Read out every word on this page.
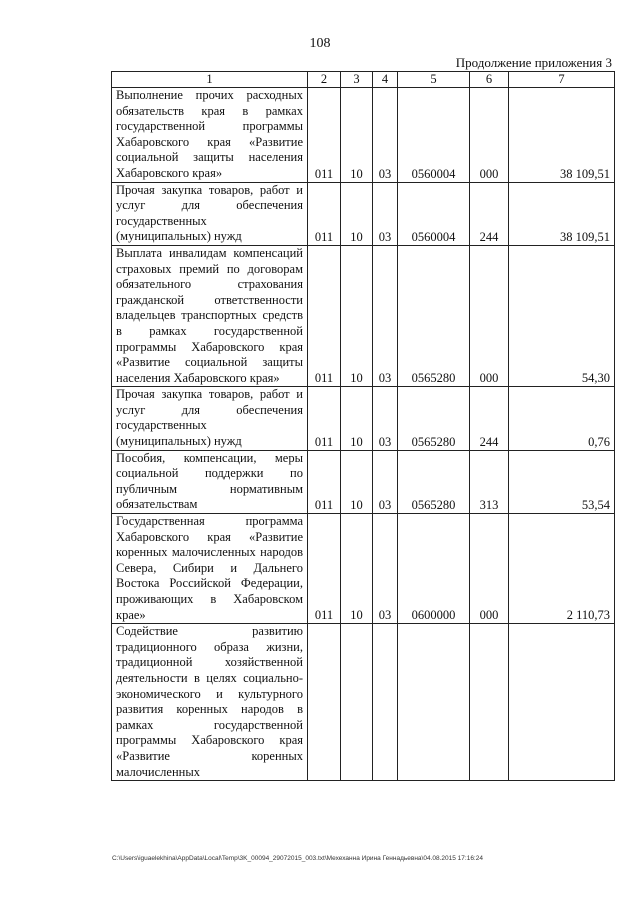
108
Продолжение приложения 3
1	2	3	4	5	6	7
Выполнение прочих расходных обязательств края в рамках государственной программы Хабаровского края «Развитие социальной защиты населения Хабаровского края»	011	10	03	0560004	000	38 109,51
Прочая закупка товаров, работ и услуг для обеспечения государственных (муниципальных) нужд	011	10	03	0560004	244	38 109,51
Выплата инвалидам компенсаций страховых премий по договорам обязательного страхования гражданской ответственности владельцев транспортных средств в рамках государственной программы Хабаровского края «Развитие социальной защиты населения Хабаровского края»	011	10	03	0565280	000	54,30
Прочая закупка товаров, работ и услуг для обеспечения государственных (муниципальных) нужд	011	10	03	0565280	244	0,76
Пособия, компенсации, меры социальной поддержки по публичным нормативным обязательствам	011	10	03	0565280	313	53,54
Государственная программа Хабаровского края «Развитие коренных малочисленных народов Севера, Сибири и Дальнего Востока Российской Федерации, проживающих в Хабаровском крае»	011	10	03	0600000	000	2 110,73
Содействие развитию традиционного образа жизни, традиционной хозяйственной деятельности в целях социально-экономического и культурного развития коренных народов в рамках государственной программы Хабаровского края «Развитие коренных малочисленных						
C:\Users\iguaelekhina\AppData\Local\Temp\3K_00094_29072015_003.txt\Мехеханна Ирина Геннадьевна\04.08.2015 17:16:24
